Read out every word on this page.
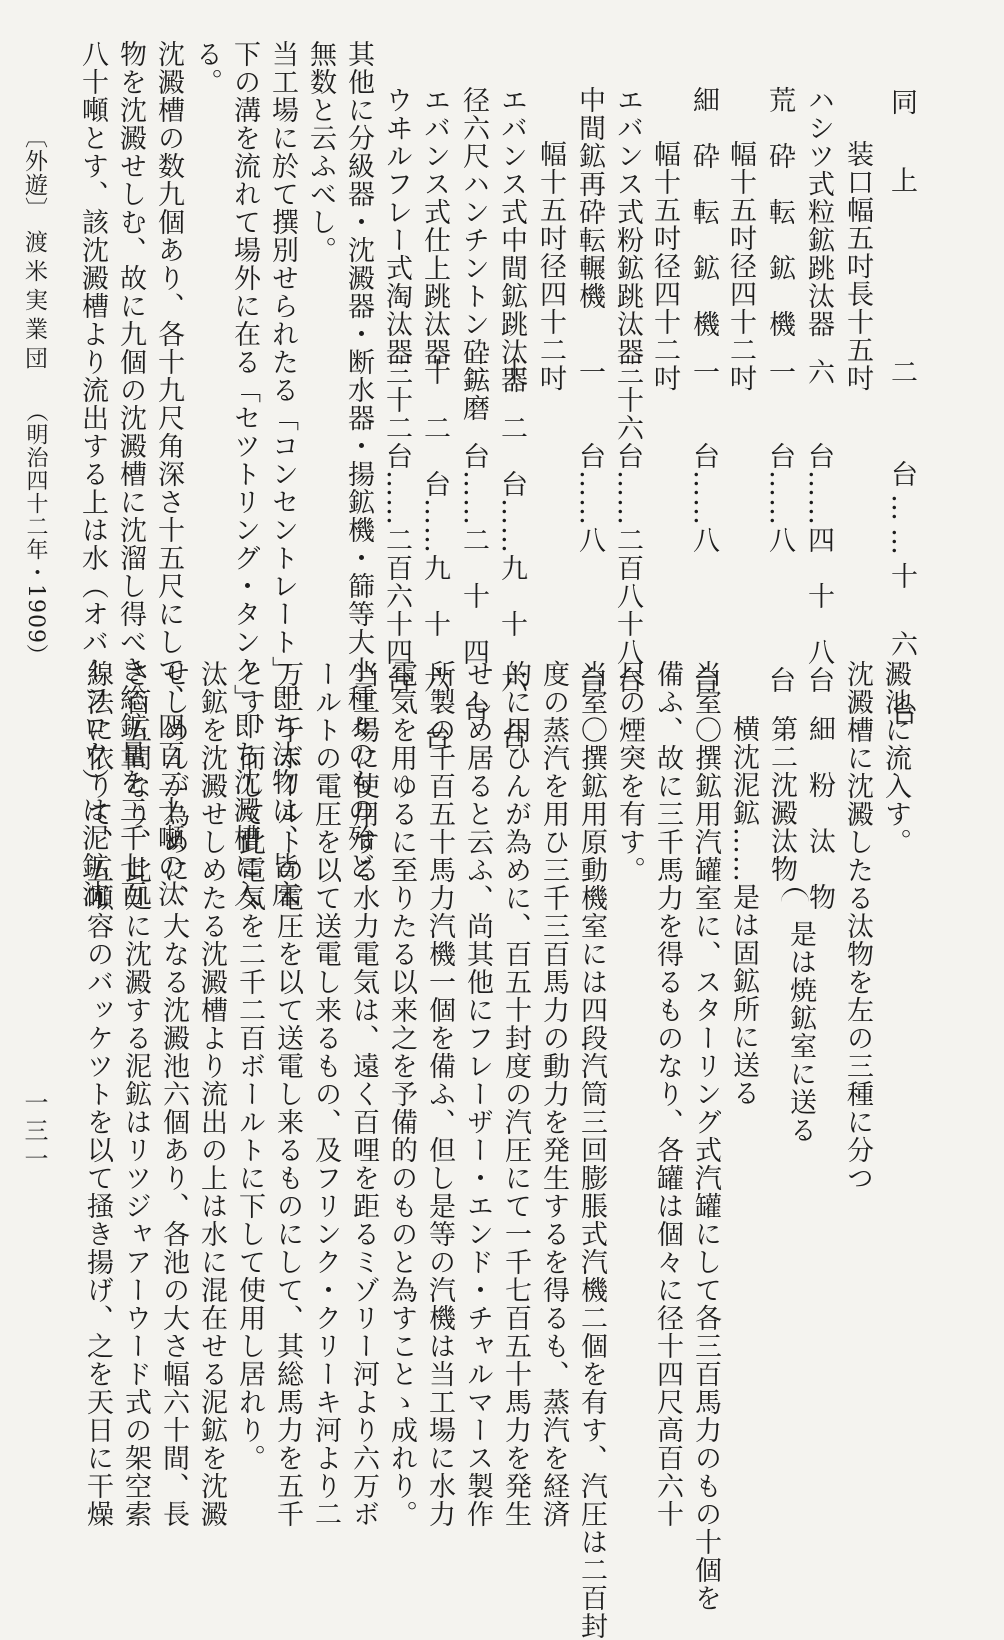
同　上
二　　台……十　六　台
装口幅五吋長十五吋
ハシツ式粒鉱跳汰器
六　　台……四　十　八台
荒　砕　転　鉱　機
一　　台……八　　　　台
幅十五吋径四十二吋
細　砕　転　鉱　機
一　　台……八　　　　台
幅十五吋径四十二吋
エバンス式粉鉱跳汰器
三十六台……二百八十八台
中間鉱再砕転輾機
一　　台……八　　　　台
幅十五吋径四十二吋
エバンス式中間鉱跳汰器
十　二　台……九　十　六　台
径六尺ハンチントン砕鉱磨
三　　台……二　十　四　台
エバンス式仕上跳汰器
十　二　台……九　十　六　台
ウヰルフレー式淘汰器
三十二台……二百六十四台
其他に分級器・沈澱器・断水器・揚鉱機・篩等大小種々のもの殆ど
無数と云ふべし。
当工場に於て撰別せられたる「コンセントレート」即ち汰物は、皆床
下の溝を流れて場外に在る「セツトリング・タンク」即ち沈澱槽に入
る。
沈澱槽の数九個あり、各十九尺角深さ十五尺にして、四百二十噸の汰
物を沈澱せしむ、故に九個の沈澱槽に沈溜し得べき総鉱量を三千七百
八十噸とす、該沈澱槽より流出する上は水（オバーフロウ）は泥鉱沈	澱池に流入す。
沈澱槽に沈澱したる汰物を左の三種に分つ
細　粉　汰　物
第二沈澱汰物
是は焼鉱室に送る
横沈泥鉱……是は固鉱所に送る
当室〇撰鉱用汽罐室に、スターリング式汽罐にして各三百馬力のもの十個を
備ふ、故に三千馬力を得るものなり、各罐は個々に径十四尺高百六十
尺の煙突を有す。
当室〇撰鉱用原動機室には四段汽筒三回膨脹式汽機二個を有す、汽圧は二百封
度の蒸汽を用ひ三千三百馬力の動力を発生するを得るも、蒸汽を経済
的に用ひんが為めに、百五十封度の汽圧にて一千七百五十馬力を発生
せしめ居ると云ふ、尚其他にフレーザー・エンド・チャルマース製作
所製の千百五十馬力汽機一個を備ふ、但し是等の汽機は当工場に水力
電気を用ゆるに至りたる以来之を予備的のものと為すことゝ成れり。
当工場に使用する水力電気は、遠く百哩を距るミゾリー河より六万ボ
ールトの電圧を以て送電し来るもの、及フリンク・クリーキ河より二
万二千ボールトの電圧を以て送電し来るものにして、其総馬力を五千
とす、而して此電気を二千二百ボールトに下して使用し居れり。
汰鉱を沈澱せしめたる沈澱槽より流出の上は水に混在せる泥鉱を沈澱
せしめんが為めに、大なる沈澱池六個あり、各池の大さ幅六十間、長
さ百五間なり、此処に沈澱する泥鉱はリツジャアーウード式の架空索
線法に依りて、五噸容のバッケツトを以て掻き揚げ、之を天日に干燥
〔外遊〕
渡米実業団
（明治四十二年・1909）
一三一
